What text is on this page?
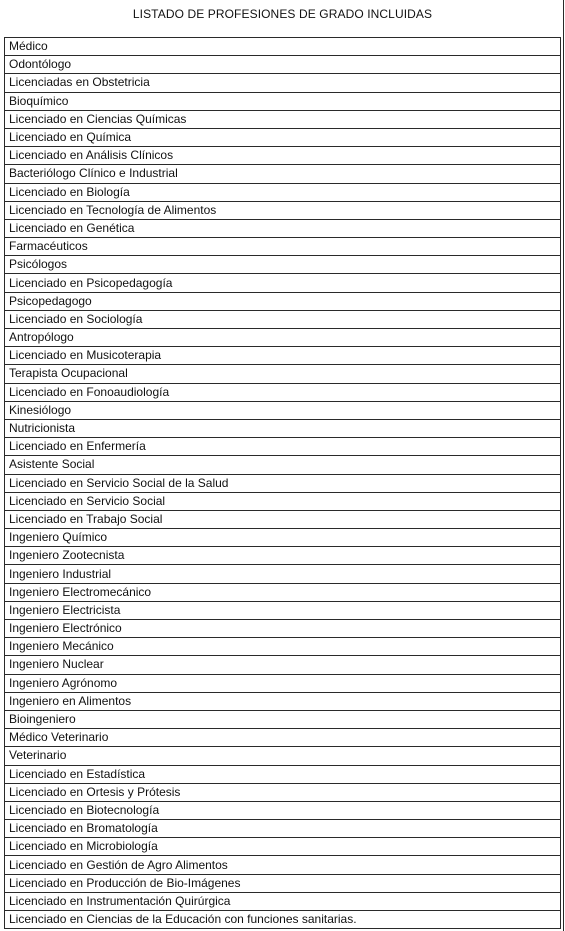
LISTADO DE PROFESIONES DE GRADO INCLUIDAS
Médico
Odontólogo
Licenciadas en Obstetricia
Bioquímico
Licenciado en Ciencias Químicas
Licenciado en Química
Licenciado en Análisis Clínicos
Bacteriólogo Clínico e Industrial
Licenciado en Biología
Licenciado en Tecnología de Alimentos
Licenciado en Genética
Farmacéuticos
Psicólogos
Licenciado en Psicopedagogía
Psicopedagogo
Licenciado en Sociología
Antropólogo
Licenciado en Musicoterapia
Terapista Ocupacional
Licenciado en Fonoaudiología
Kinesiólogo
Nutricionista
Licenciado en Enfermería
Asistente Social
Licenciado en Servicio Social de la Salud
Licenciado en Servicio Social
Licenciado en Trabajo Social
Ingeniero Químico
Ingeniero Zootecnista
Ingeniero Industrial
Ingeniero Electromecánico
Ingeniero Electricista
Ingeniero Electrónico
Ingeniero Mecánico
Ingeniero Nuclear
Ingeniero Agrónomo
Ingeniero en Alimentos
Bioingeniero
Médico Veterinario
Veterinario
Licenciado en Estadística
Licenciado en Ortesis y Prótesis
Licenciado en Biotecnología
Licenciado en Bromatología
Licenciado en Microbiología
Licenciado en Gestión de Agro Alimentos
Licenciado en Producción de Bio-Imágenes
Licenciado en Instrumentación Quirúrgica
Licenciado en Ciencias de la Educación con funciones sanitarias.
